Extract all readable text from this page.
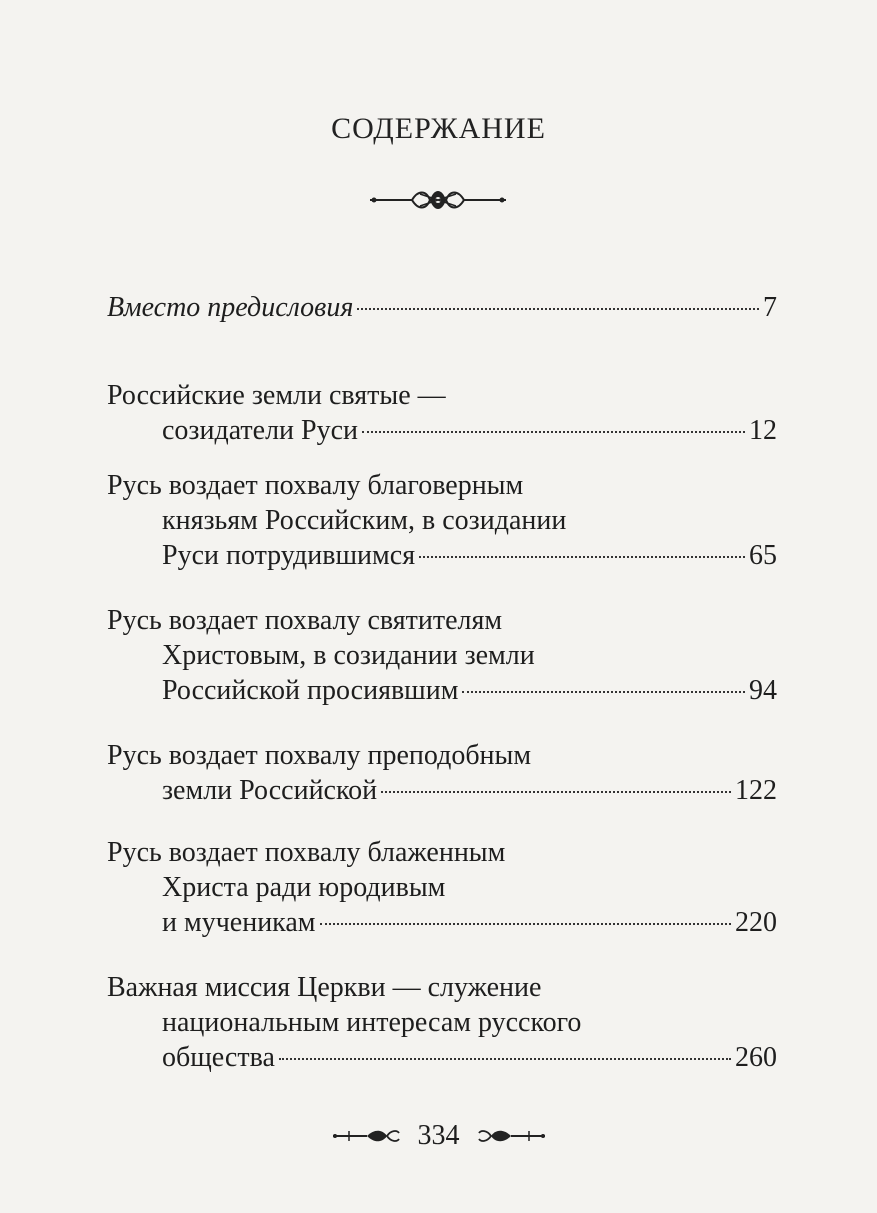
СОДЕРЖАНИЕ
Вместо предисловия	7
Российские земли святые —
созидатели Руси	12
Русь воздает похвалу благоверным
князьям Российским, в созидании
Руси потрудившимся	65
Русь воздает похвалу святителям
Христовым, в созидании земли
Российской просиявшим	94
Русь воздает похвалу преподобным
земли Российской	122
Русь воздает похвалу блаженным
Христа ради юродивым
и мученикам	220
Важная миссия Церкви — служение
национальным интересам русского
общества	260
334
